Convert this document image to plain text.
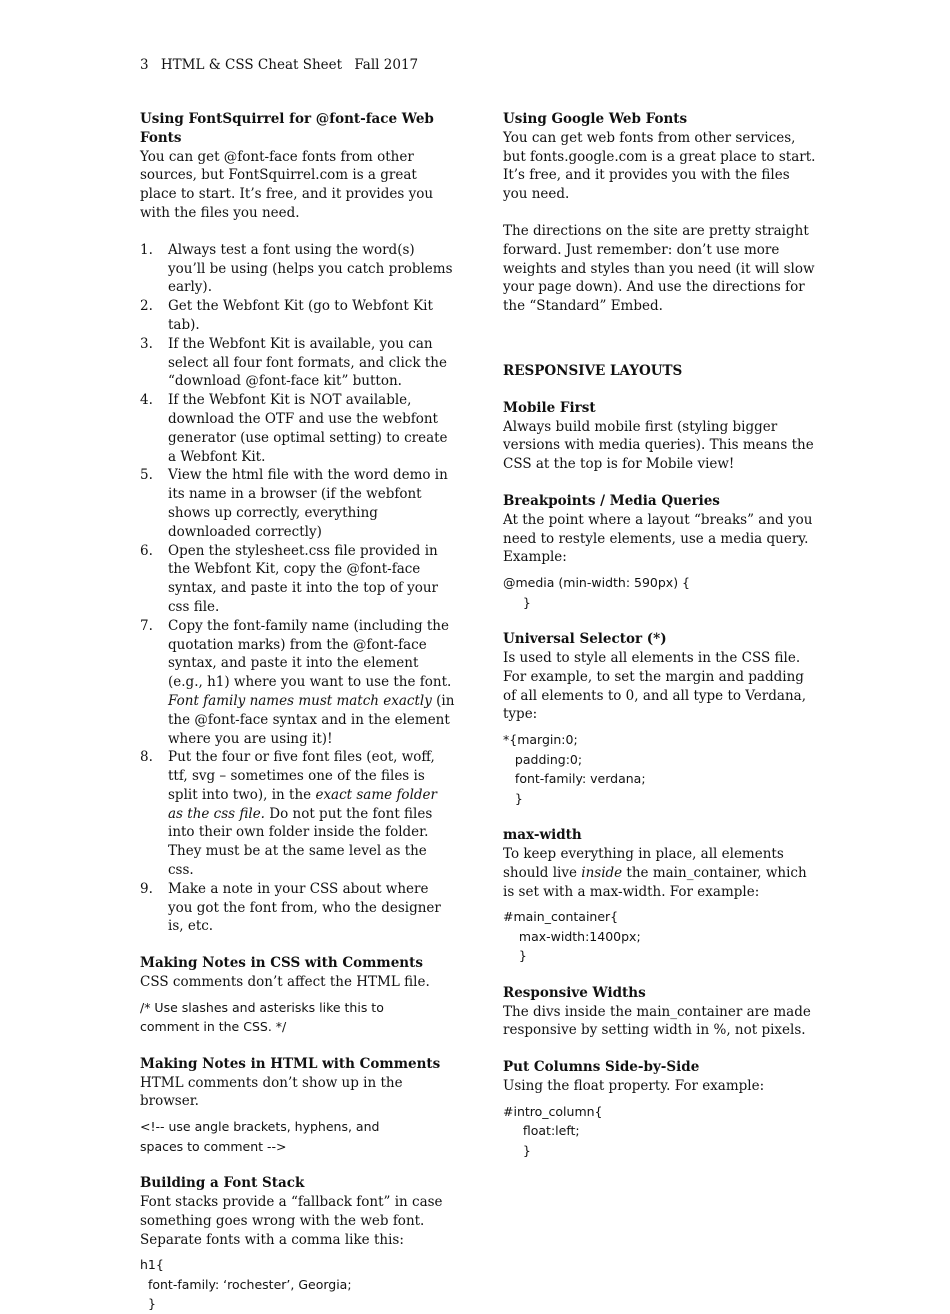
3 HTML & CSS Cheat Sheet Fall 2017

Using FontSquirrel for @font-face Web Fonts

You can get @font-face fonts from other sources, but FontSquirrel.com is a great place to start. It’s free, and it provides you with the files you need.

1. Always test a font using the word(s) you’ll be using (helps you catch problems early).
2. Get the Webfont Kit (go to Webfont Kit tab).
3. If the Webfont Kit is available, you can select all four font formats, and click the “download @font-face kit” button.
4. If the Webfont Kit is NOT available, download the OTF and use the webfont generator (use optimal setting) to create a Webfont Kit.
5. View the html file with the word demo in its name in a browser (if the webfont shows up correctly, everything downloaded correctly)
6. Open the stylesheet.css file provided in the Webfont Kit, copy the @font-face syntax, and paste it into the top of your css file.
7. Copy the font-family name (including the quotation marks) from the @font-face syntax, and paste it into the element (e.g., h1) where you want to use the font. Font family names must match exactly (in the @font-face syntax and in the element where you are using it)!
8. Put the four or five font files (eot, woff, ttf, svg – sometimes one of the files is split into two), in the exact same folder as the css file. Do not put the font files into their own folder inside the folder. They must be at the same level as the css.
9. Make a note in your CSS about where you got the font from, who the designer is, etc.

Making Notes in CSS with Comments

CSS comments don’t affect the HTML file.

/* Use slashes and asterisks like this to
comment in the CSS. */

Making Notes in HTML with Comments

HTML comments don’t show up in the browser.

<!-- use angle brackets, hyphens, and
spaces to comment -->

Building a Font Stack

Font stacks provide a “fallback font” in case something goes wrong with the web font. Separate fonts with a comma like this:

h1{
font-family: ‘rochester’, Georgia;
}

Using Google Web Fonts

You can get web fonts from other services, but fonts.google.com is a great place to start. It’s free, and it provides you with the files you need.

The directions on the site are pretty straight forward. Just remember: don’t use more weights and styles than you need (it will slow your page down). And use the directions for the “Standard” Embed.

RESPONSIVE LAYOUTS

Mobile First

Always build mobile first (styling bigger versions with media queries). This means the CSS at the top is for Mobile view!

Breakpoints / Media Queries

At the point where a layout “breaks” and you need to restyle elements, use a media query.

Example:

@media (min-width: 590px) {
}

Universal Selector (*)

Is used to style all elements in the CSS file. For example, to set the margin and padding of all elements to 0, and all type to Verdana, type:

*{margin:0;
padding:0;
font-family: verdana;
}

max-width

To keep everything in place, all elements should live inside the main_container, which is set with a max-width. For example:

#main_container{
max-width:1400px;
}

Responsive Widths

The divs inside the main_container are made responsive by setting width in %, not pixels.

Put Columns Side-by-Side

Using the float property. For example:

#intro_column{
float:left;
}
